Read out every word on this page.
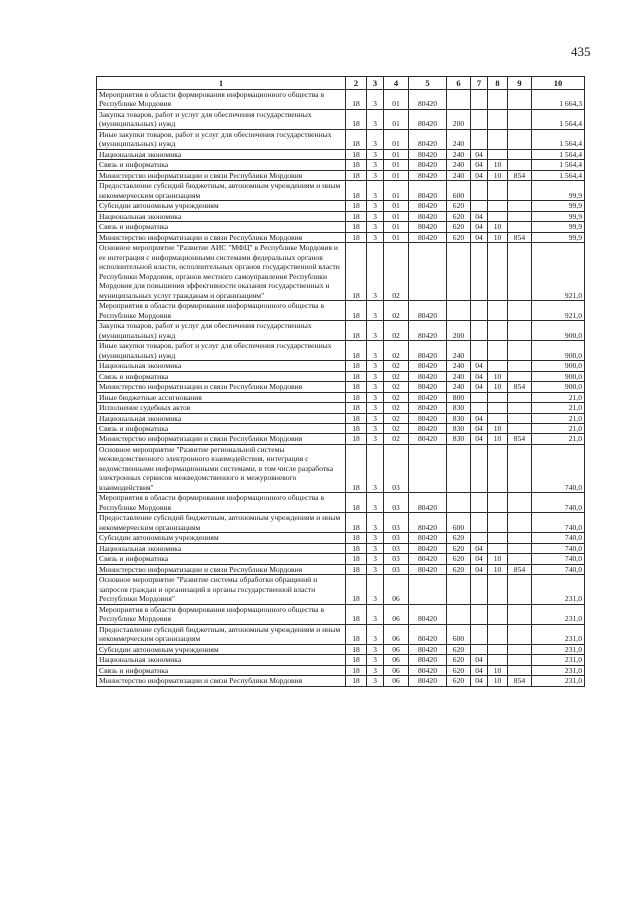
435
1	2	3	4	5	6	7	8	9	10
Мероприятия в области формирования информационного общества в Республике Мордовия	18	3	01	80420					1 664,3
Закупка товаров, работ и услуг для обеспечения государственных (муниципальных) нужд	18	3	01	80420	200				1 564,4
Иные закупки товаров, работ и услуг для обеспечения государственных (муниципальных) нужд	18	3	01	80420	240				1 564,4
Национальная экономика	18	3	01	80420	240	04			1 564,4
Связь и информатика	18	3	01	80420	240	04	10		1 564,4
Министерство информатизации и связи Республики Мордовия	18	3	01	80420	240	04	10	854	1 564,4
Предоставление субсидий бюджетным, автономным учреждениям и иным некоммерческим организациям	18	3	01	80420	600				99,9
Субсидии автономным учреждениям	18	3	01	80420	620				99,9
Национальная экономика	18	3	01	80420	620	04			99,9
Связь и информатика	18	3	01	80420	620	04	10		99,9
Министерство информатизации и связи Республики Мордовия	18	3	01	80420	620	04	10	854	99,9
Основное мероприятие "Развитие АИС "МФЦ" в Республике Мордовия и ее интеграция с информационными системами федеральных органов исполнительной власти, исполнительных органов государственной власти Республики Мордовия, органов местного самоуправления Республики Мордовия для повышения эффективности оказания государственных и муниципальных услуг гражданам и организациям"	18	3	02						921,0
Мероприятия в области формирования информационного общества в Республике Мордовия	18	3	02	80420					921,0
Закупка товаров, работ и услуг для обеспечения государственных (муниципальных) нужд	18	3	02	80420	200				900,0
Иные закупки товаров, работ и услуг для обеспечения государственных (муниципальных) нужд	18	3	02	80420	240				900,0
Национальная экономика	18	3	02	80420	240	04			900,0
Связь и информатика	18	3	02	80420	240	04	10		900,0
Министерство информатизации и связи Республики Мордовия	18	3	02	80420	240	04	10	854	900,0
Иные бюджетные ассигнования	18	3	02	80420	800				21,0
Исполнение судебных актов	18	3	02	80420	830				21,0
Национальная экономика	18	3	02	80420	830	04			21,0
Связь и информатика	18	3	02	80420	830	04	10		21,0
Министерство информатизации и связи Республики Мордовия	18	3	02	80420	830	04	10	854	21,0
Основное мероприятие "Развитие региональной системы межведомственного электронного взаимодействия, интеграция с ведомственными информационными системами, в том числе разработка электронных сервисов межведомственного и межуровневого взаимодействия"	18	3	03						740,0
Мероприятия в области формирования информационного общества в Республике Мордовия	18	3	03	80420					740,0
Предоставление субсидий бюджетным, автономным учреждениям и иным некоммерческим организациям	18	3	03	80420	600				740,0
Субсидии автономным учреждениям	18	3	03	80420	620				740,0
Национальная экономика	18	3	03	80420	620	04			740,0
Связь и информатика	18	3	03	80420	620	04	10		740,0
Министерство информатизации и связи Республики Мордовия	18	3	03	80420	620	04	10	854	740,0
Основное мероприятие "Развитие системы обработки обращений и запросов граждан и организаций в органы государственной власти Республики Мордовия"	18	3	06						231,0
Мероприятия в области формирования информационного общества в Республике Мордовия	18	3	06	80420					231,0
Предоставление субсидий бюджетным, автономным учреждениям и иным некоммерческим организациям	18	3	06	80420	600				231,0
Субсидии автономным учреждениям	18	3	06	80420	620				231,0
Национальная экономика	18	3	06	80420	620	04			231,0
Связь и информатика	18	3	06	80420	620	04	10		231,0
Министерство информатизации и связи Республики Мордовия	18	3	06	80420	620	04	10	854	231,0
